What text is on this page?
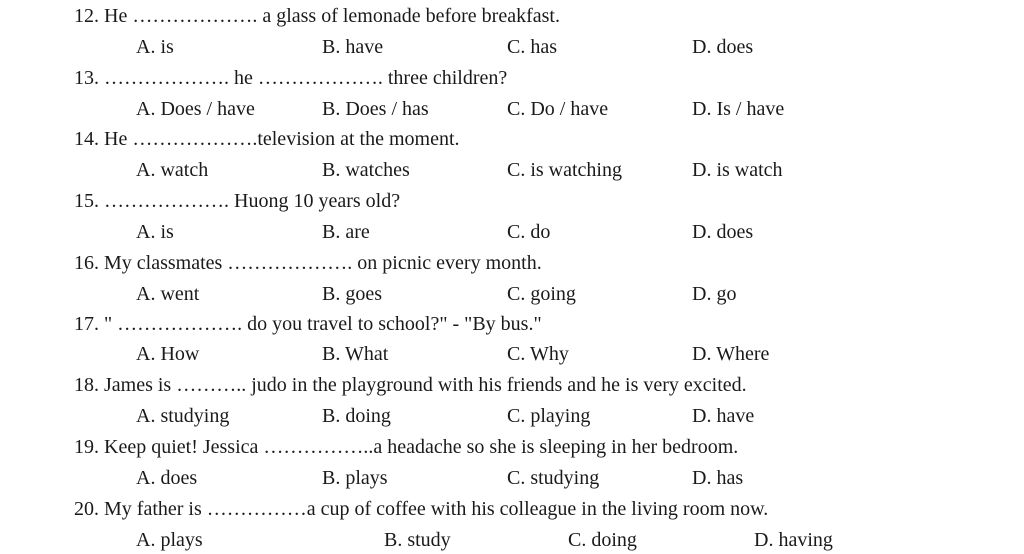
12. He ………………. a glass of lemonade before breakfast.
A. is	B. have	C. has	D. does
13. ………………. he ………………. three children?
A. Does / have	B. Does / has	C. Do / have	D. Is / have
14. He ……………….television at the moment.
A. watch	B. watches	C. is watching	D. is watch
15. ………………. Huong 10 years old?
A. is	B. are	C. do	D. does
16. My classmates ………………. on picnic every month.
A. went	B. goes	C. going	D. go
17. " ………………. do you travel to school?" - "By bus."
A. How	B. What	C. Why	D. Where
18. James is ……….. judo in the playground with his friends and he is very excited.
A. studying	B. doing	C. playing	D. have
19. Keep quiet! Jessica ……………..a headache so she is sleeping in her bedroom.
A. does	B. plays	C. studying	D. has
20. My father is ……………a cup of coffee with his colleague in the living room now.
A. plays	B. study	C. doing	D. having
